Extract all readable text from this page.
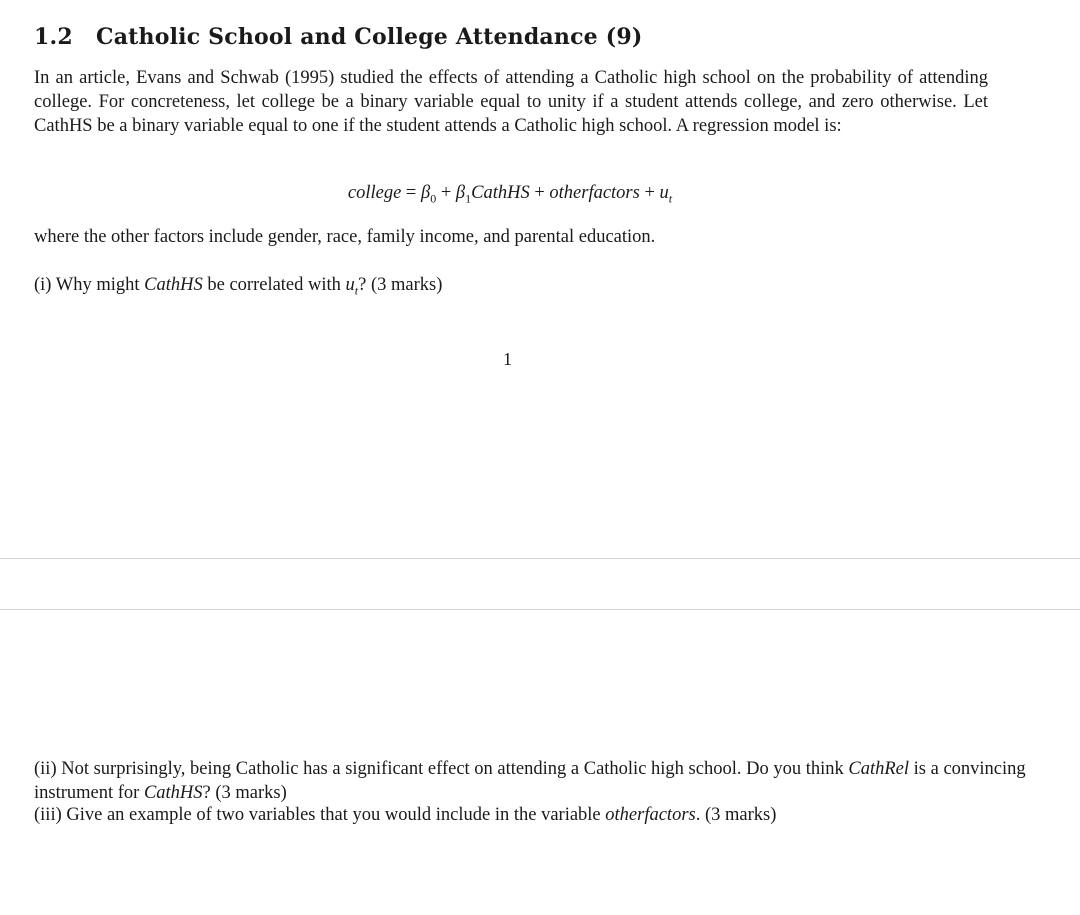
1.2 Catholic School and College Attendance (9)
In an article, Evans and Schwab (1995) studied the effects of attending a Catholic high school on the probability of attending college. For concreteness, let college be a binary variable equal to unity if a student attends college, and zero otherwise. Let CathHS be a binary variable equal to one if the student attends a Catholic high school. A regression model is:
college = $\beta_0$ + $\beta_1CathHS$ + otherfactors + $u_t$
where the other factors include gender, race, family income, and parental education.
(i) Why might CathHS be correlated with $u_t$? (3 marks)
1
(ii) Not surprisingly, being Catholic has a significant effect on attending a Catholic high school. Do you think CathRel is a convincing instrument for CathHS? (3 marks)
(iii) Give an example of two variables that you would include in the variable otherfactors. (3 marks)
